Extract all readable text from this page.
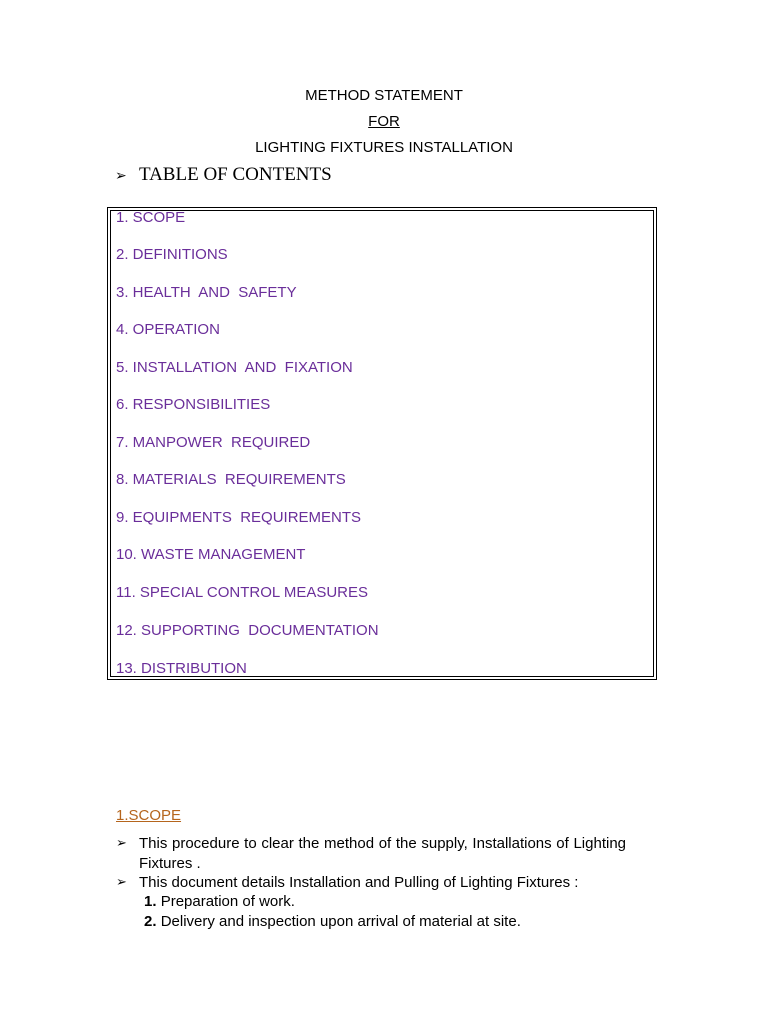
METHOD STATEMENT
FOR
LIGHTING FIXTURES INSTALLATION
➢ TABLE OF CONTENTS
1. SCOPE
2. DEFINITIONS
3. HEALTH  AND  SAFETY
4. OPERATION
5. INSTALLATION  AND  FIXATION
6. RESPONSIBILITIES
7. MANPOWER  REQUIRED
8. MATERIALS  REQUIREMENTS
9. EQUIPMENTS  REQUIREMENTS
10. WASTE MANAGEMENT
11. SPECIAL CONTROL MEASURES
12. SUPPORTING  DOCUMENTATION
13. DISTRIBUTION
1.SCOPE
➢ This procedure to clear the method of the supply, Installations of Lighting Fixtures .
➢ This document details Installation and Pulling of Lighting Fixtures :
1. Preparation of work.
2. Delivery and inspection upon arrival of material at site.
